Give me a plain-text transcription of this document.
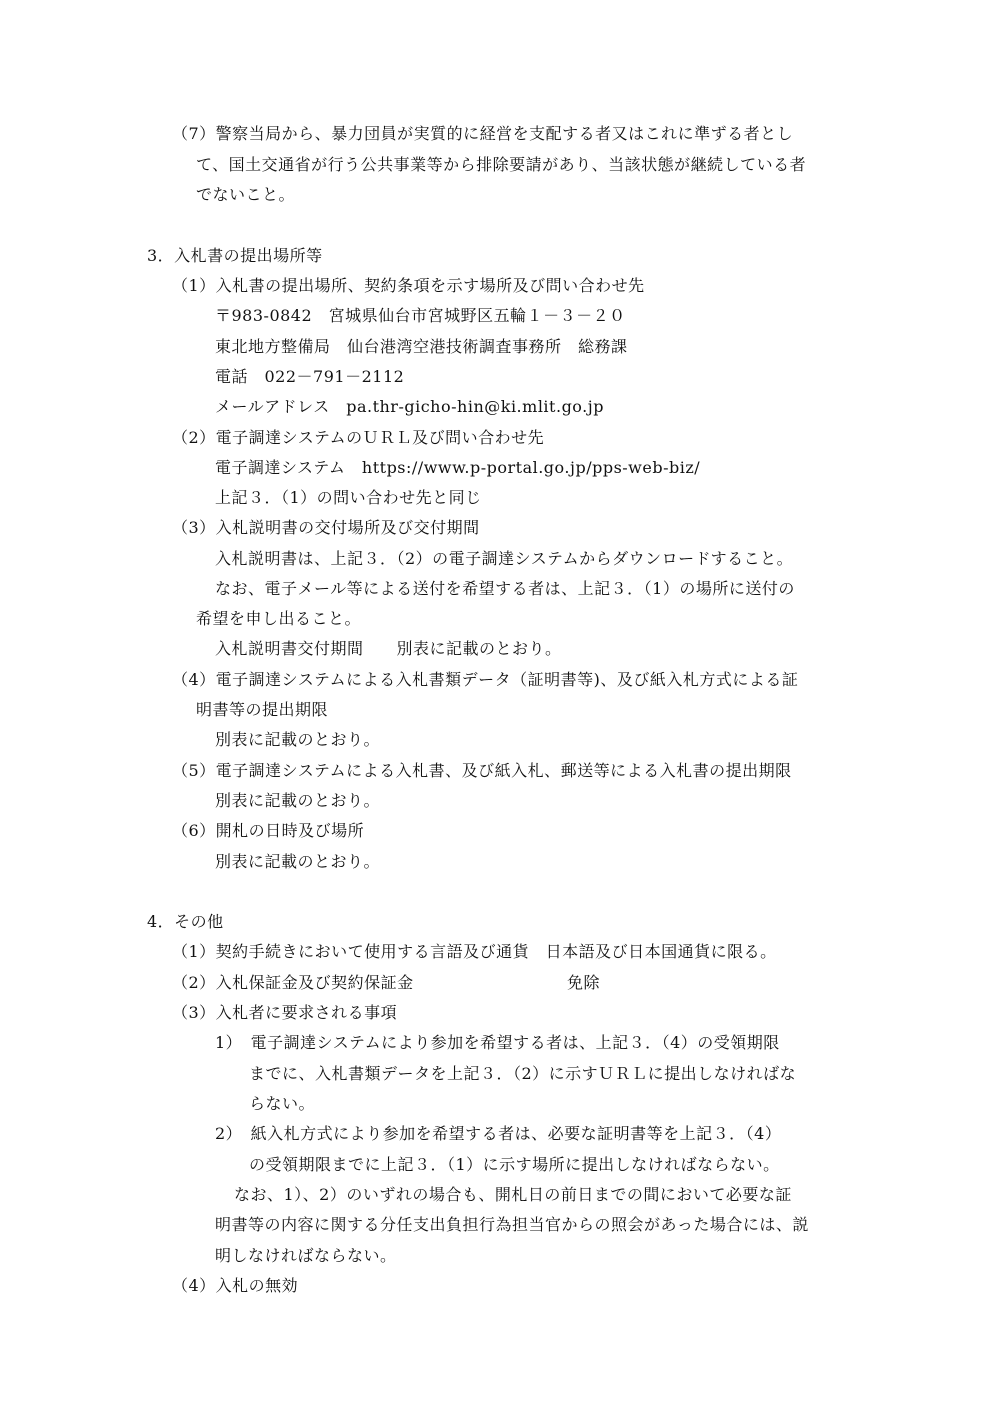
（7）警察当局から、暴力団員が実質的に経営を支配する者又はこれに準ずる者とし
て、国土交通省が行う公共事業等から排除要請があり、当該状態が継続している者
でないこと。
3．入札書の提出場所等
（1）入札書の提出場所、契約条項を示す場所及び問い合わせ先
〒983-0842　宮城県仙台市宮城野区五輪１－３－２０
東北地方整備局　仙台港湾空港技術調査事務所　総務課
電話　022－791－2112
メールアドレス　pa.thr-gicho-hin@ki.mlit.go.jp
（2）電子調達システムのＵＲＬ及び問い合わせ先
電子調達システム　https://www.p-portal.go.jp/pps-web-biz/
上記３．（1）の問い合わせ先と同じ
（3）入札説明書の交付場所及び交付期間
入札説明書は、上記３．（2）の電子調達システムからダウンロードすること。
なお、電子メール等による送付を希望する者は、上記３．（1）の場所に送付の
希望を申し出ること。
入札説明書交付期間　　別表に記載のとおり。
（4）電子調達システムによる入札書類データ（証明書等)、及び紙入札方式による証
明書等の提出期限
別表に記載のとおり。
（5）電子調達システムによる入札書、及び紙入札、郵送等による入札書の提出期限
別表に記載のとおり。
（6）開札の日時及び場所
別表に記載のとおり。
4．その他
（1）契約手続きにおいて使用する言語及び通貨　日本語及び日本国通貨に限る。
（2）入札保証金及び契約保証金	免除
（3）入札者に要求される事項
1）　電子調達システムにより参加を希望する者は、上記３．（4）の受領期限
までに、入札書類データを上記３．（2）に示すＵＲＬに提出しなければな
らない。
2）　紙入札方式により参加を希望する者は、必要な証明書等を上記３．（4）
の受領期限までに上記３．（1）に示す場所に提出しなければならない。
なお、1）、2）のいずれの場合も、開札日の前日までの間において必要な証
明書等の内容に関する分任支出負担行為担当官からの照会があった場合には、説
明しなければならない。
（4）入札の無効
